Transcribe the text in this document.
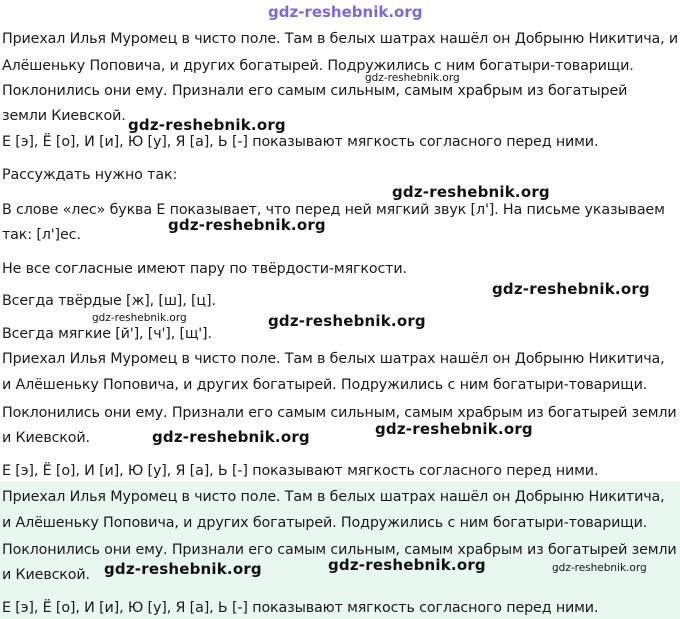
gdz-reshebnik.org
Приехал Илья Муромец в чисто поле. Там в белых шатрах нашёл он Добрыню Никитича, и
Алёшеньку Поповича, и других богатырей. Подружились с ним богатыри-товарищи.
Поклонились они ему. Признали его самым сильным, самым храбрым из богатырей
земли Киевской.
Е [э], Ё [о], И [и], Ю [у], Я [а], Ь [-] показывают мягкость согласного перед ними.
Рассуждать нужно так:
В слове «лес» буква Е показывает, что перед ней мягкий звук [л']. На письме указываем
так: [л']ес.
Не все согласные имеют пару по твёрдости-мягкости.
Всегда твёрдые [ж], [ш], [ц].
Всегда мягкие [й'], [ч'], [щ'].
Приехал Илья Муромец в чисто поле. Там в белых шатрах нашёл он Добрыню Никитича,
и Алёшеньку Поповича, и других богатырей. Подружились с ним богатыри-товарищи.
Поклонились они ему. Признали его самым сильным, самым храбрым из богатырей земли
и Киевской.
Е [э], Ё [о], И [и], Ю [у], Я [а], Ь [-] показывают мягкость согласного перед ними.
Приехал Илья Муромец в чисто поле. Там в белых шатрах нашёл он Добрыню Никитича,
и Алёшеньку Поповича, и других богатырей. Подружились с ним богатыри-товарищи.
Поклонились они ему. Признали его самым сильным, самым храбрым из богатырей земли
и Киевской.
Е [э], Ё [о], И [и], Ю [у], Я [а], Ь [-] показывают мягкость согласного перед ними.
gdz-reshebnik.org
gdz-reshebnik.org
gdz-reshebnik.org
gdz-reshebnik.org
gdz-reshebnik.org
gdz-reshebnik.org	gdz-reshebnik.org
gdz-reshebnik.org
gdz-reshebnik.org
gdz-reshebnik.org
gdz-reshebnik.org	gdz-reshebnik.org
